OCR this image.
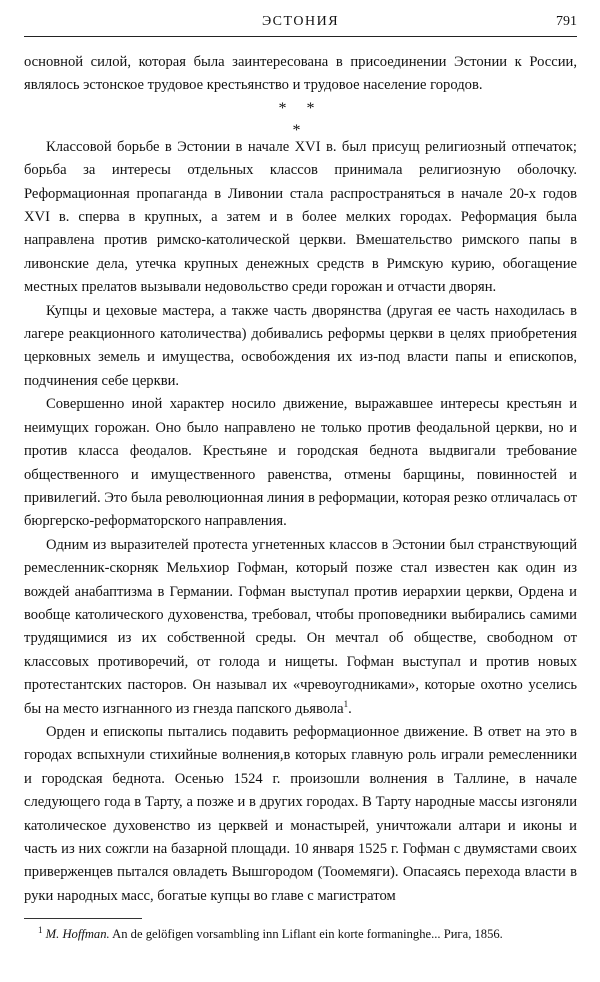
ЭСТОНИЯ	791

основной силой, которая была заинтересована в присоединении Эстонии к России, являлось эстонское трудовое крестьянство и трудовое население городов.

* *
*

Классовой борьбе в Эстонии в начале XVI в. был присущ религиозный отпечаток; борьба за интересы отдельных классов принимала религиозную оболочку. Реформационная пропаганда в Ливонии стала распространяться в начале 20-х годов XVI в. сперва в крупных, а затем и в более мелких городах. Реформация была направлена против римско-католической церкви. Вмешательство римского папы в ливонские дела, утечка крупных денежных средств в Римскую курию, обогащение местных прелатов вызывали недовольство среди горожан и отчасти дворян.

Купцы и цеховые мастера, а также часть дворянства (другая ее часть находилась в лагере реакционного католичества) добивались реформы церкви в целях приобретения церковных земель и имущества, освобождения их из-под власти папы и епископов, подчинения себе церкви.

Совершенно иной характер носило движение, выражавшее интересы крестьян и неимущих горожан. Оно было направлено не только против феодальной церкви, но и против класса феодалов. Крестьяне и городская беднота выдвигали требование общественного и имущественного равенства, отмены барщины, повинностей и привилегий. Это была революционная линия в реформации, которая резко отличалась от бюргерско-реформаторского направления.

Одним из выразителей протеста угнетенных классов в Эстонии был странствующий ремесленник-скорняк Мельхиор Гофман, который позже стал известен как один из вождей анабаптизма в Германии. Гофман выступал против иерархии церкви, Ордена и вообще католического духовенства, требовал, чтобы проповедники выбирались самими трудящимися из их собственной среды. Он мечтал об обществе, свободном от классовых противоречий, от голода и нищеты. Гофман выступал и против новых протестантских пасторов. Он называл их «чревоугодниками», которые охотно уселись бы на место изгнанного из гнезда папского дьявола$^1$.

Орден и епископы пытались подавить реформационное движение. В ответ на это в городах вспыхнули стихийные волнения,в которых главную роль играли ремесленники и городская беднота. Осенью 1524 г. произошли волнения в Таллине, в начале следующего года в Тарту, а позже и в других городах. В Тарту народные массы изгоняли католическое духовенство из церквей и монастырей, уничтожали алтари и иконы и часть из них сожгли на базарной площади. 10 января 1525 г. Гофман с двумястами своих приверженцев пытался овладеть Вышгородом (Тоомемяги). Опасаясь перехода власти в руки народных масс, богатые купцы во главе с магистратом

$^1$ M. Hoffman. An de gelöfigen vorsambling inn Liflant ein korte formaninghe... Рига, 1856.
